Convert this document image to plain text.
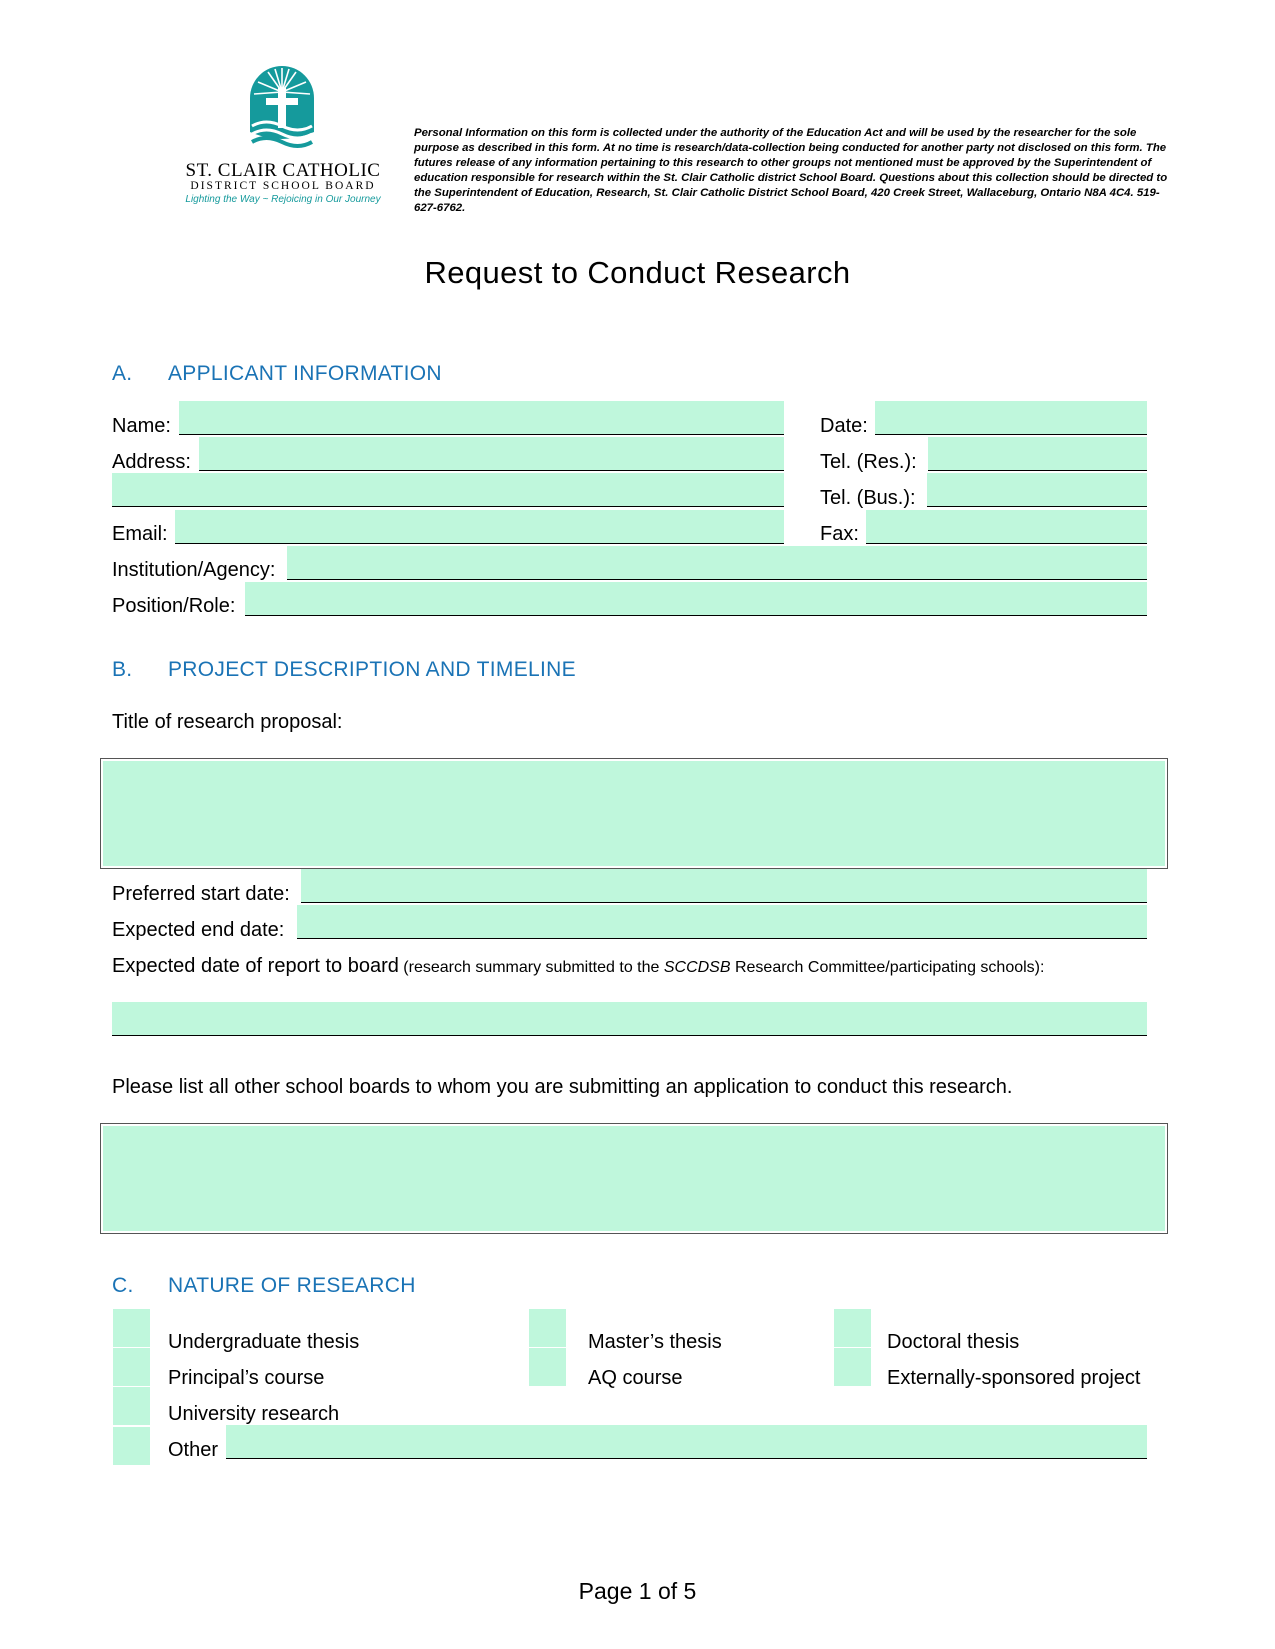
ST. CLAIR CATHOLIC
DISTRICT SCHOOL BOARD
Lighting the Way ~ Rejoicing in Our Journey
Personal Information on this form is collected under the authority of the Education Act and will be used by the researcher for the sole purpose as described in this form. At no time is research/data-collection being conducted for another party not disclosed on this form. The futures release of any information pertaining to this research to other groups not mentioned must be approved by the Superintendent of education responsible for research within the St. Clair Catholic district School Board. Questions about this collection should be directed to the Superintendent of Education, Research, St. Clair Catholic District School Board, 420 Creek Street, Wallaceburg, Ontario N8A 4C4. 519-627-6762.
Request to Conduct Research
A. APPLICANT INFORMATION
Name:
Address:
Email:
Institution/Agency:
Position/Role:
Date:
Tel. (Res.):
Tel. (Bus.):
Fax:
B. PROJECT DESCRIPTION AND TIMELINE
Title of research proposal:
Preferred start date:
Expected end date:
Expected date of report to board (research summary submitted to the SCCDSB Research Committee/participating schools):
Please list all other school boards to whom you are submitting an application to conduct this research.
C. NATURE OF RESEARCH
Undergraduate thesis	Master’s thesis	Doctoral thesis
Principal’s course	AQ course	Externally-sponsored project
University research
Other
Page 1 of 5
